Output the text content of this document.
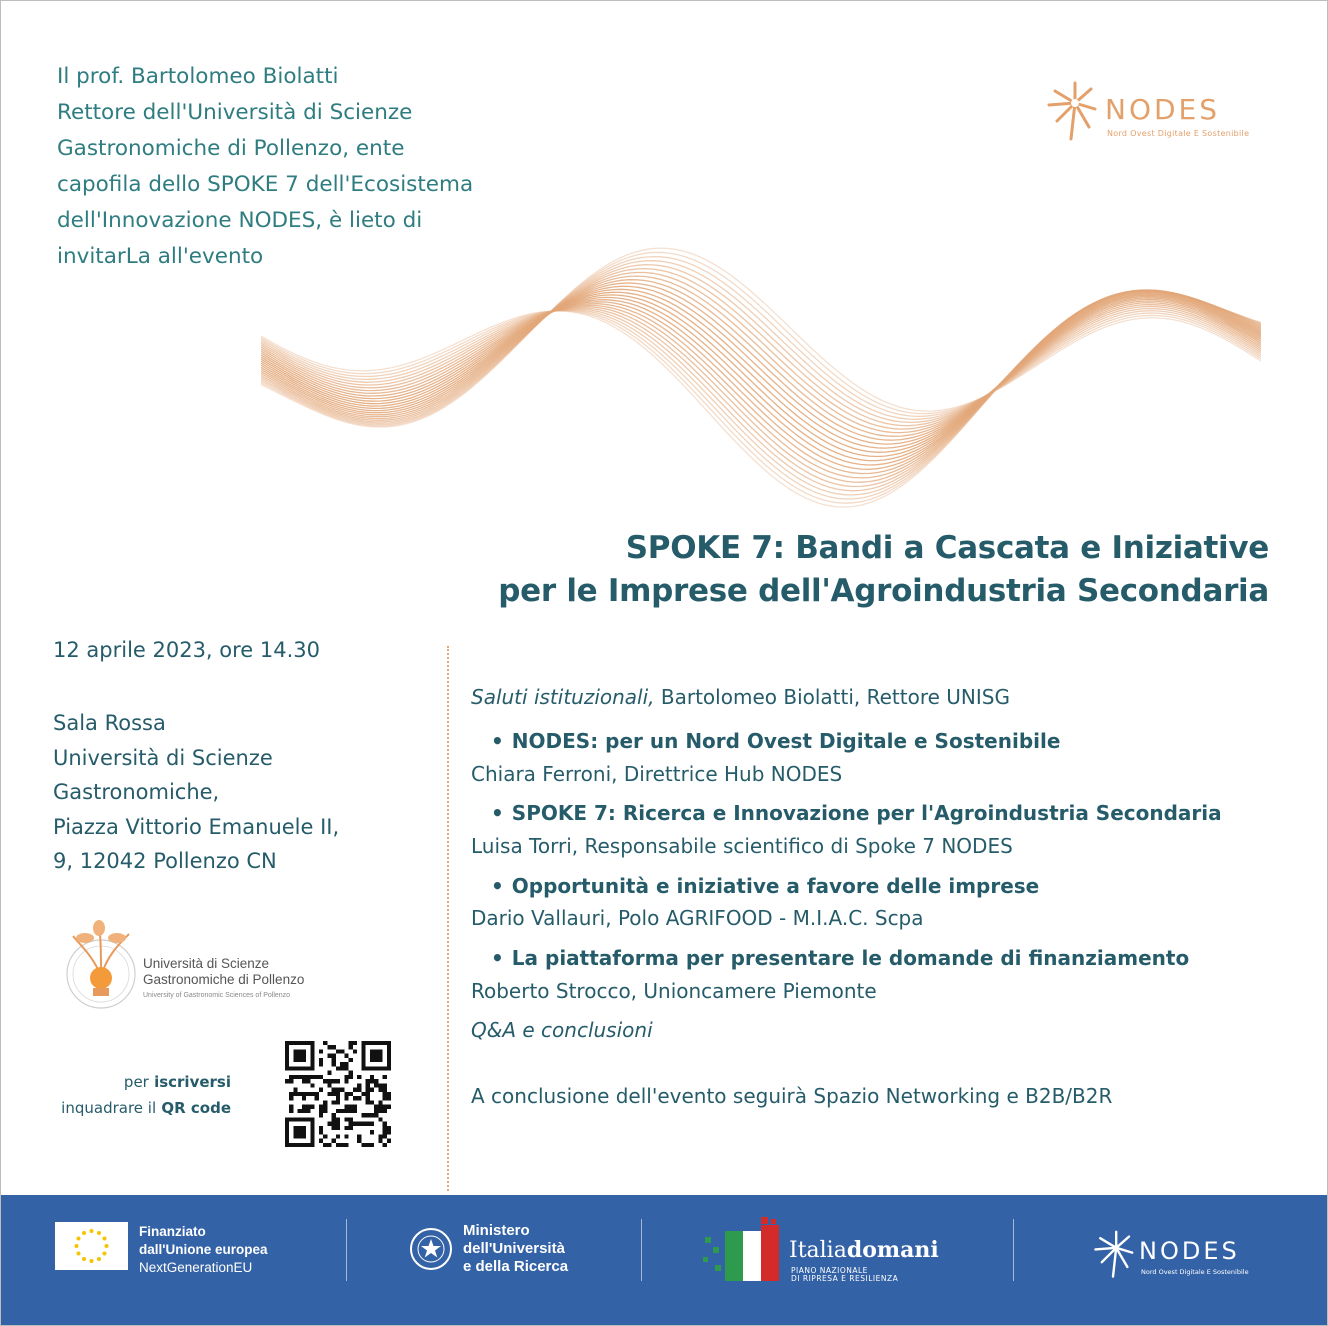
Il prof. Bartolomeo Biolatti
Rettore dell'Università di Scienze
Gastronomiche di Pollenzo, ente
capofila dello SPOKE 7 dell'Ecosistema
dell'Innovazione NODES, è lieto di
invitarLa all'evento
NODES
Nord Ovest Digitale E Sostenibile
SPOKE 7: Bandi a Cascata e Iniziative
per le Imprese dell'Agroindustria Secondaria
12 aprile 2023, ore 14.30
Sala Rossa
Università di Scienze
Gastronomiche,
Piazza Vittorio Emanuele II,
9, 12042 Pollenzo CN
Università di Scienze
Gastronomiche di Pollenzo
University of Gastronomic Sciences of Pollenzo
per iscriversi
inquadrare il QR code
Saluti istituzionali, Bartolomeo Biolatti, Rettore UNISG
• NODES: per un Nord Ovest Digitale e Sostenibile
Chiara Ferroni, Direttrice Hub NODES
• SPOKE 7: Ricerca e Innovazione per l'Agroindustria Secondaria
Luisa Torri, Responsabile scientifico di Spoke 7 NODES
• Opportunità e iniziative a favore delle imprese
Dario Vallauri, Polo AGRIFOOD - M.I.A.C. Scpa
• La piattaforma per presentare le domande di finanziamento
Roberto Strocco, Unioncamere Piemonte
Q&A e conclusioni
A conclusione dell'evento seguirà Spazio Networking e B2B/B2R
Finanziato
dall'Unione europea
NextGenerationEU
Ministero
dell'Università
e della Ricerca
Italiadomani
PIANO NAZIONALE
DI RIPRESA E RESILIENZA
NODES
Nord Ovest Digitale E Sostenibile
